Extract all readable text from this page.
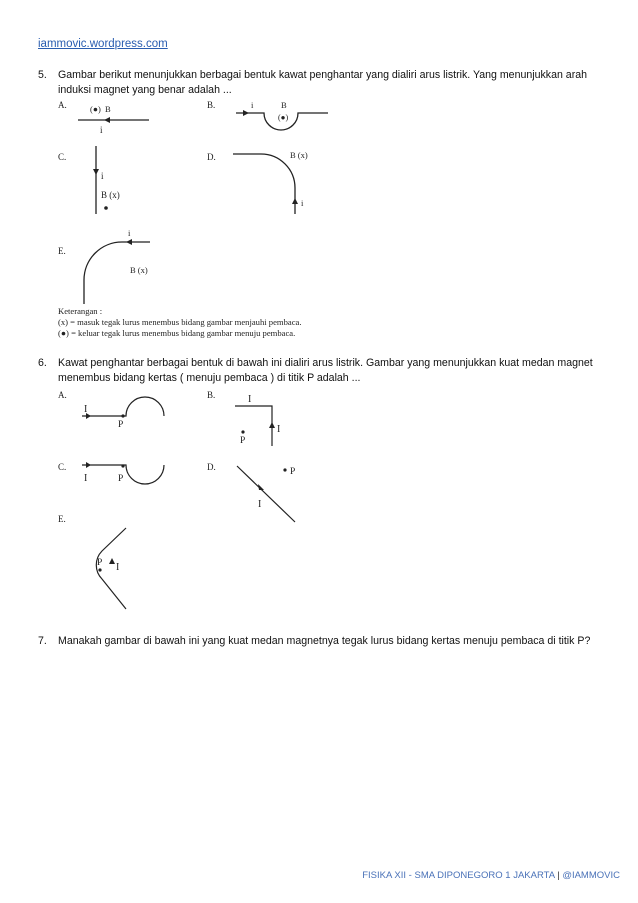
iammovic.wordpress.com
5. Gambar berikut menunjukkan berbagai bentuk kawat penghantar yang dialiri arus listrik. Yang menunjukkan arah induksi magnet yang benar adalah ...
A.	(●) B
i
B.	i	B
(●)
C.
i
B (x)
D.	B (x)
i
E.
i
B (x)
Keterangan :
(x) = masuk tegak lurus menembus bidang gambar menjauhi pembaca.
(●) = keluar tegak lurus menembus bidang gambar menuju pembaca.
6. Kawat penghantar berbagai bentuk di bawah ini dialiri arus listrik. Gambar yang menunjukkan kuat medan magnet menembus bidang kertas ( menuju pembaca ) di titik P adalah ...
A.
I
P
B.	I
I
P
C.
I	P
D.
I
P
E.
I
P
7. Manakah gambar di bawah ini yang kuat medan magnetnya tegak lurus bidang kertas menuju pembaca di titik P?
FISIKA XII - SMA DIPONEGORO 1 JAKARTA | @IAMMOVIC
